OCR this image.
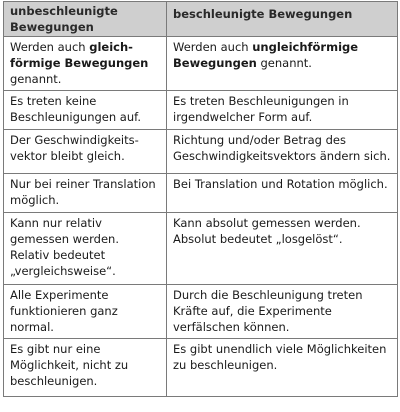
unbeschleunigte Bewegungen	beschleunigte Bewegungen
Werden auch gleichförmige Bewegungen genannt.	Werden auch ungleichförmige Bewegungen genannt.
Es treten keine Beschleunigungen auf.	Es treten Beschleunigungen in irgendwelcher Form auf.
Der Geschwindigkeitsvektor bleibt gleich.	Richtung und/oder Betrag des Geschwindigkeitsvektors ändern sich.
Nur bei reiner Translation möglich.	Bei Translation und Rotation möglich.
Kann nur relativ gemessen werden. Relativ bedeutet „vergleichsweise“.	Kann absolut gemessen werden. Absolut bedeutet „losgelöst“.
Alle Experimente funktionieren ganz normal.	Durch die Beschleunigung treten Kräfte auf, die Experimente verfälschen können.
Es gibt nur eine Möglichkeit, nicht zu beschleunigen.	Es gibt unendlich viele Möglichkeiten zu beschleunigen.
